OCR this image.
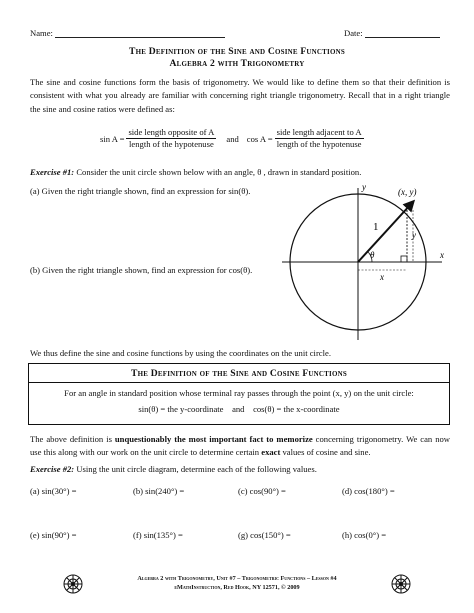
Name:	Date:
The Definition of the Sine and Cosine Functions
Algebra 2 with Trigonometry
The sine and cosine functions form the basis of trigonometry. We would like to define them so that their definition is consistent with what you already are familiar with concerning right triangle trigonometry. Recall that in a right triangle the sine and cosine ratios were defined as:
$\sin A = \frac{\text{side length opposite of A}}{\text{length of the hypotenuse}}$ and $\cos A = \frac{\text{side length adjacent to A}}{\text{length of the hypotenuse}}$
Exercise #1: Consider the unit circle shown below with an angle, θ , drawn in standard position.
(a) Given the right triangle shown, find an expression for sin(θ).
(b) Given the right triangle shown, find an expression for cos(θ).
x
y
θ
1
y
x
(x, y)
We thus define the sine and cosine functions by using the coordinates on the unit circle.
The Definition of the Sine and Cosine Functions
For an angle in standard position whose terminal ray passes through the point (x, y) on the unit circle:
sin(θ) = the y-coordinate    and    cos(θ) = the x-coordinate
The above definition is unquestionably the most important fact to memorize concerning trigonometry. We can now use this along with our work on the unit circle to determine certain exact values of cosine and sine.
Exercise #2: Using the unit circle diagram, determine each of the following values.
(a) sin(30°) =	(b) sin(240°) =	(c) cos(90°) =	(d) cos(180°) =
(e) sin(90°) =	(f) sin(135°) =	(g) cos(150°) =	(h) cos(0°) =
Algebra 2 with Trigonometry, Unit #7 – Trigonometric Functions – Lesson #4
eMathInstruction, Red Hook, NY 12571, © 2009
